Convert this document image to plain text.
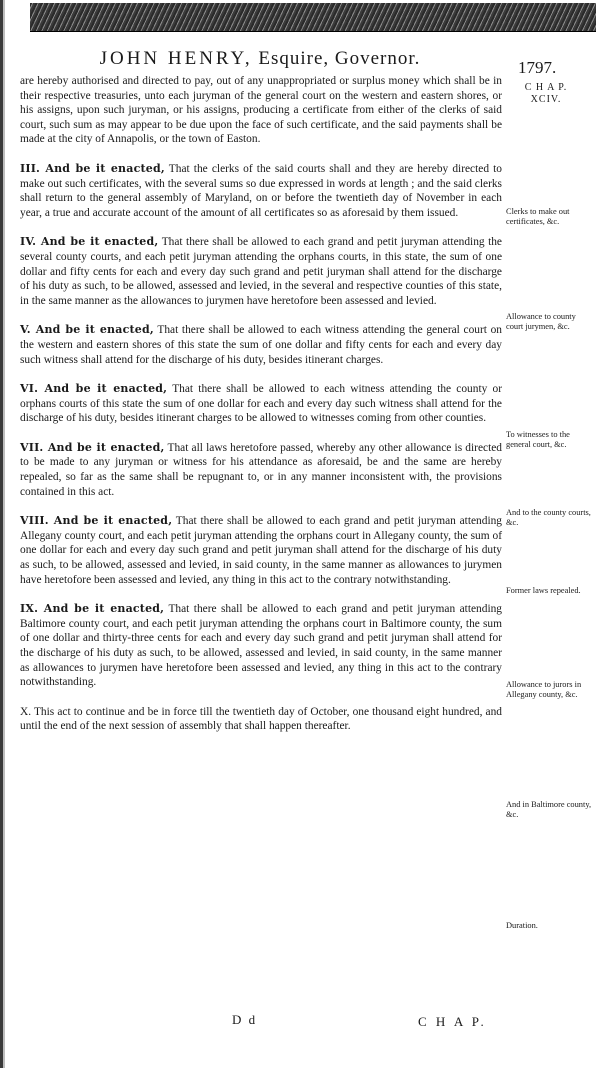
JOHN HENRY, Esquire, Governor.	1797.
C H A P.
XCIV.

are hereby authorised and directed to pay, out of any unappropriated or surplus money which shall be in their respective treasuries, unto each juryman of the general court on the western and eastern shores, or his assigns, upon such juryman, or his assigns, producing a certificate from either of the clerks of said court, such sum as may appear to be due upon the face of such certificate, and the said payments shall be made at the city of Annapolis, or the town of Easton.

III. And be it enacted, That the clerks of the said courts shall and they are hereby directed to make out such certificates, with the several sums so due expressed in words at length ; and the said clerks shall return to the general assembly of Maryland, on or before the twentieth day of November in each year, a true and accurate account of the amount of all certificates so as aforesaid by them issued.

IV. And be it enacted, That there shall be allowed to each grand and petit juryman attending the several county courts, and each petit juryman attending the orphans courts, in this state, the sum of one dollar and fifty cents for each and every day such grand and petit juryman shall attend for the discharge of his duty as such, to be allowed, assessed and levied, in the several and respective counties of this state, in the same manner as the allowances to jurymen have heretofore been assessed and levied.

V. And be it enacted, That there shall be allowed to each witness attending the general court on the western and eastern shores of this state the sum of one dollar and fifty cents for each and every day such witness shall attend for the discharge of his duty, besides itinerant charges.

VI. And be it enacted, That there shall be allowed to each witness attending the county or orphans courts of this state the sum of one dollar for each and every day such witness shall attend for the discharge of his duty, besides itinerant charges to be allowed to witnesses coming from other counties.

VII. And be it enacted, That all laws heretofore passed, whereby any other allowance is directed to be made to any juryman or witness for his attendance as aforesaid, be and the same are hereby repealed, so far as the same shall be repugnant to, or in any manner inconsistent with, the provisions contained in this act.

VIII. And be it enacted, That there shall be allowed to each grand and petit juryman attending Allegany county court, and each petit juryman attending the orphans court in Allegany county, the sum of one dollar for each and every day such grand and petit juryman shall attend for the discharge of his duty as such, to be allowed, assessed and levied, in said county, in the same manner as allowances to jurymen have heretofore been assessed and levied, any thing in this act to the contrary notwithstanding.

IX. And be it enacted, That there shall be allowed to each grand and petit juryman attending Baltimore county court, and each petit juryman attending the orphans court in Baltimore county, the sum of one dollar and thirty-three cents for each and every day such grand and petit juryman shall attend for the discharge of his duty as such, to be allowed, assessed and levied, in said county, in the same manner as allowances to jurymen have heretofore been assessed and levied, any thing in this act to the contrary notwithstanding.

X. This act to continue and be in force till the twentieth day of October, one thousand eight hundred, and until the end of the next session of assembly that shall happen thereafter.

Clerks to make out certificates, &c.
Allowance to county court jurymen, &c.
To witnesses to the general court, &c.
And to the county courts, &c.
Former laws repealed.
Allowance to jurors in Allegany county, &c.
And in Baltimore county, &c.
Duration.
D d	C H A P.
